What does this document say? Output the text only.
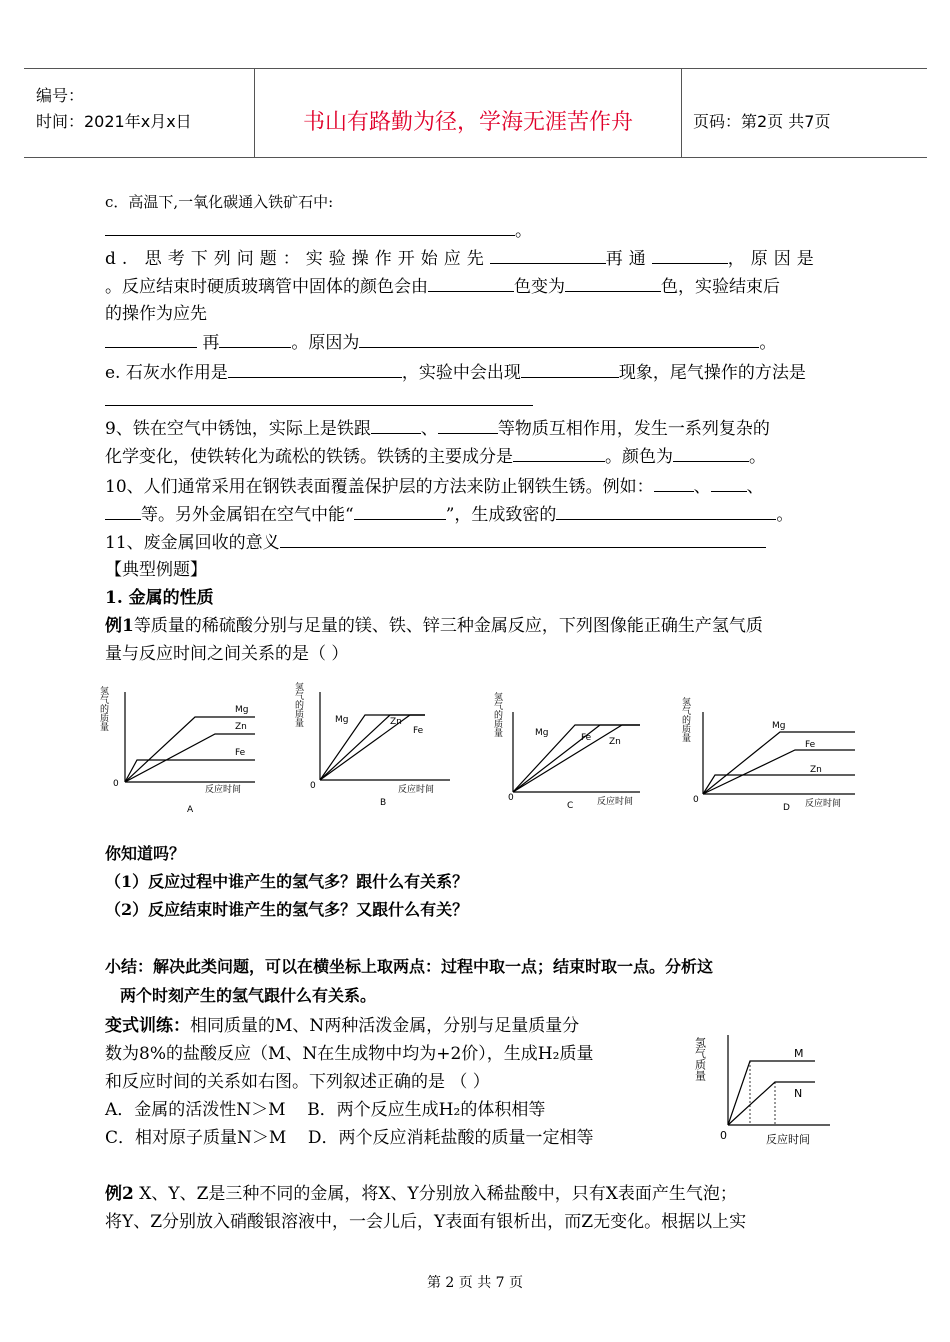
编号：
时间：2021年x月x日	书山有路勤为径，学海无涯苦作舟	页码：第2页 共7页
c．高温下,一氧化碳通入铁矿石中:
。
d. 思考下列问题：实验操作开始应先	再通	，原因是
。反应结束时硬质玻璃管中固体的颜色会由	色变为	色，实验结束后
的操作为应先
再	。原因为	。
e. 石灰水作用是	，实验中会出现	现象，尾气操作的方法是
9、铁在空气中锈蚀，实际上是铁跟	、	等物质互相作用，发生一系列复杂的
化学变化，使铁转化为疏松的铁锈。铁锈的主要成分是	。颜色为	。
10、人们通常采用在钢铁表面覆盖保护层的方法来防止钢铁生锈。例如： 、 、
等。另外金属铝在空气中能“	”，生成致密的	。
11、废金属回收的意义
【典型例题】
1. 金属的性质
例1等质量的稀硫酸分别与足量的镁、铁、锌三种金属反应，下列图像能正确生产氢气质
量与反应时间之间关系的是（ ）
氢气的质量	Mg
Zn
Fe
0
反应时间
A
氢气的质量	Mg	Zn
Fe
0	反应时间
B
氢气的质量	Mg	Fe Zn
0	反应时间
C
氢气的质量	Mg
Fe
Zn
0	反应时间
D
你知道吗？
（1）反应过程中谁产生的氢气多？跟什么有关系？
（2）反应结束时谁产生的氢气多？又跟什么有关？
小结：解决此类问题，可以在横坐标上取两点：过程中取一点；结束时取一点。分析这
两个时刻产生的氢气跟什么有关系。
变式训练：相同质量的M、N两种活泼金属，分别与足量质量分
数为8%的盐酸反应（M、N在生成物中均为+2价），生成H₂质量
和反应时间的关系如右图。下列叙述正确的是 （ ）
A．金属的活泼性N＞M B．两个反应生成H₂的体积相等
C．相对原子质量N＞M D．两个反应消耗盐酸的质量一定相等
氢气质量	M
N
0	反应时间
例2 X、Y、Z是三种不同的金属，将X、Y分别放入稀盐酸中，只有X表面产生气泡；
将Y、Z分别放入硝酸银溶液中，一会儿后，Y表面有银析出，而Z无变化。根据以上实
第 2 页 共 7 页
